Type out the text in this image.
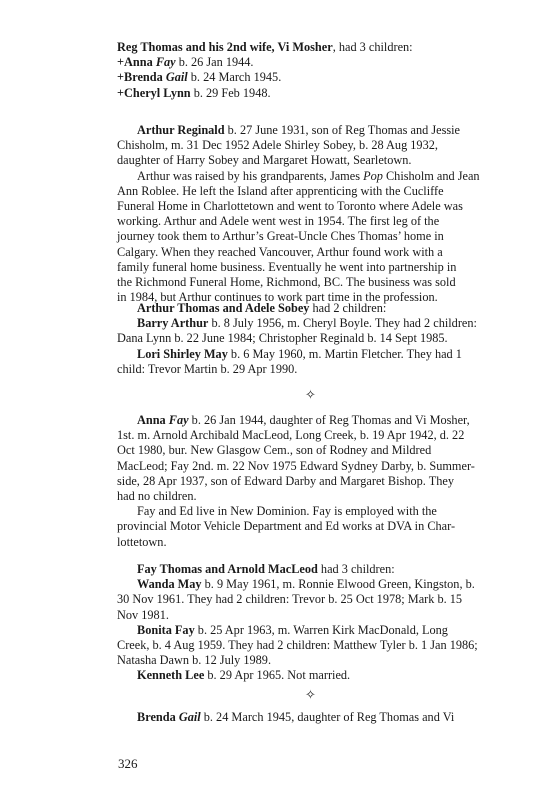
Reg Thomas and his 2nd wife, Vi Mosher, had 3 children:
+Anna Fay b. 26 Jan 1944.
+Brenda Gail b. 24 March 1945.
+Cheryl Lynn b. 29 Feb 1948.
Arthur Reginald b. 27 June 1931, son of Reg Thomas and Jessie
Chisholm, m. 31 Dec 1952 Adele Shirley Sobey, b. 28 Aug 1932,
daughter of Harry Sobey and Margaret Howatt, Searletown.
Arthur was raised by his grandparents, James Pop Chisholm and Jean
Ann Roblee. He left the Island after apprenticing with the Cucliffe
Funeral Home in Charlottetown and went to Toronto where Adele was
working. Arthur and Adele went west in 1954. The first leg of the
journey took them to Arthur’s Great-Uncle Ches Thomas’ home in
Calgary. When they reached Vancouver, Arthur found work with a
family funeral home business. Eventually he went into partnership in
the Richmond Funeral Home, Richmond, BC. The business was sold
in 1984, but Arthur continues to work part time in the profession.
Arthur Thomas and Adele Sobey had 2 children:
Barry Arthur b. 8 July 1956, m. Cheryl Boyle. They had 2 children:
Dana Lynn b. 22 June 1984; Christopher Reginald b. 14 Sept 1985.
Lori Shirley May b. 6 May 1960, m. Martin Fletcher. They had 1
child: Trevor Martin b. 29 Apr 1990.
✧
Anna Fay b. 26 Jan 1944, daughter of Reg Thomas and Vi Mosher,
1st. m. Arnold Archibald MacLeod, Long Creek, b. 19 Apr 1942, d. 22
Oct 1980, bur. New Glasgow Cem., son of Rodney and Mildred
MacLeod; Fay 2nd. m. 22 Nov 1975 Edward Sydney Darby, b. Summer-
side, 28 Apr 1937, son of Edward Darby and Margaret Bishop. They
had no children.
Fay and Ed live in New Dominion. Fay is employed with the
provincial Motor Vehicle Department and Ed works at DVA in Char-
lottetown.
Fay Thomas and Arnold MacLeod had 3 children:
Wanda May b. 9 May 1961, m. Ronnie Elwood Green, Kingston, b.
30 Nov 1961. They had 2 children: Trevor b. 25 Oct 1978; Mark b. 15
Nov 1981.
Bonita Fay b. 25 Apr 1963, m. Warren Kirk MacDonald, Long
Creek, b. 4 Aug 1959. They had 2 children: Matthew Tyler b. 1 Jan 1986;
Natasha Dawn b. 12 July 1989.
Kenneth Lee b. 29 Apr 1965. Not married.
✧
Brenda Gail b. 24 March 1945, daughter of Reg Thomas and Vi
326
